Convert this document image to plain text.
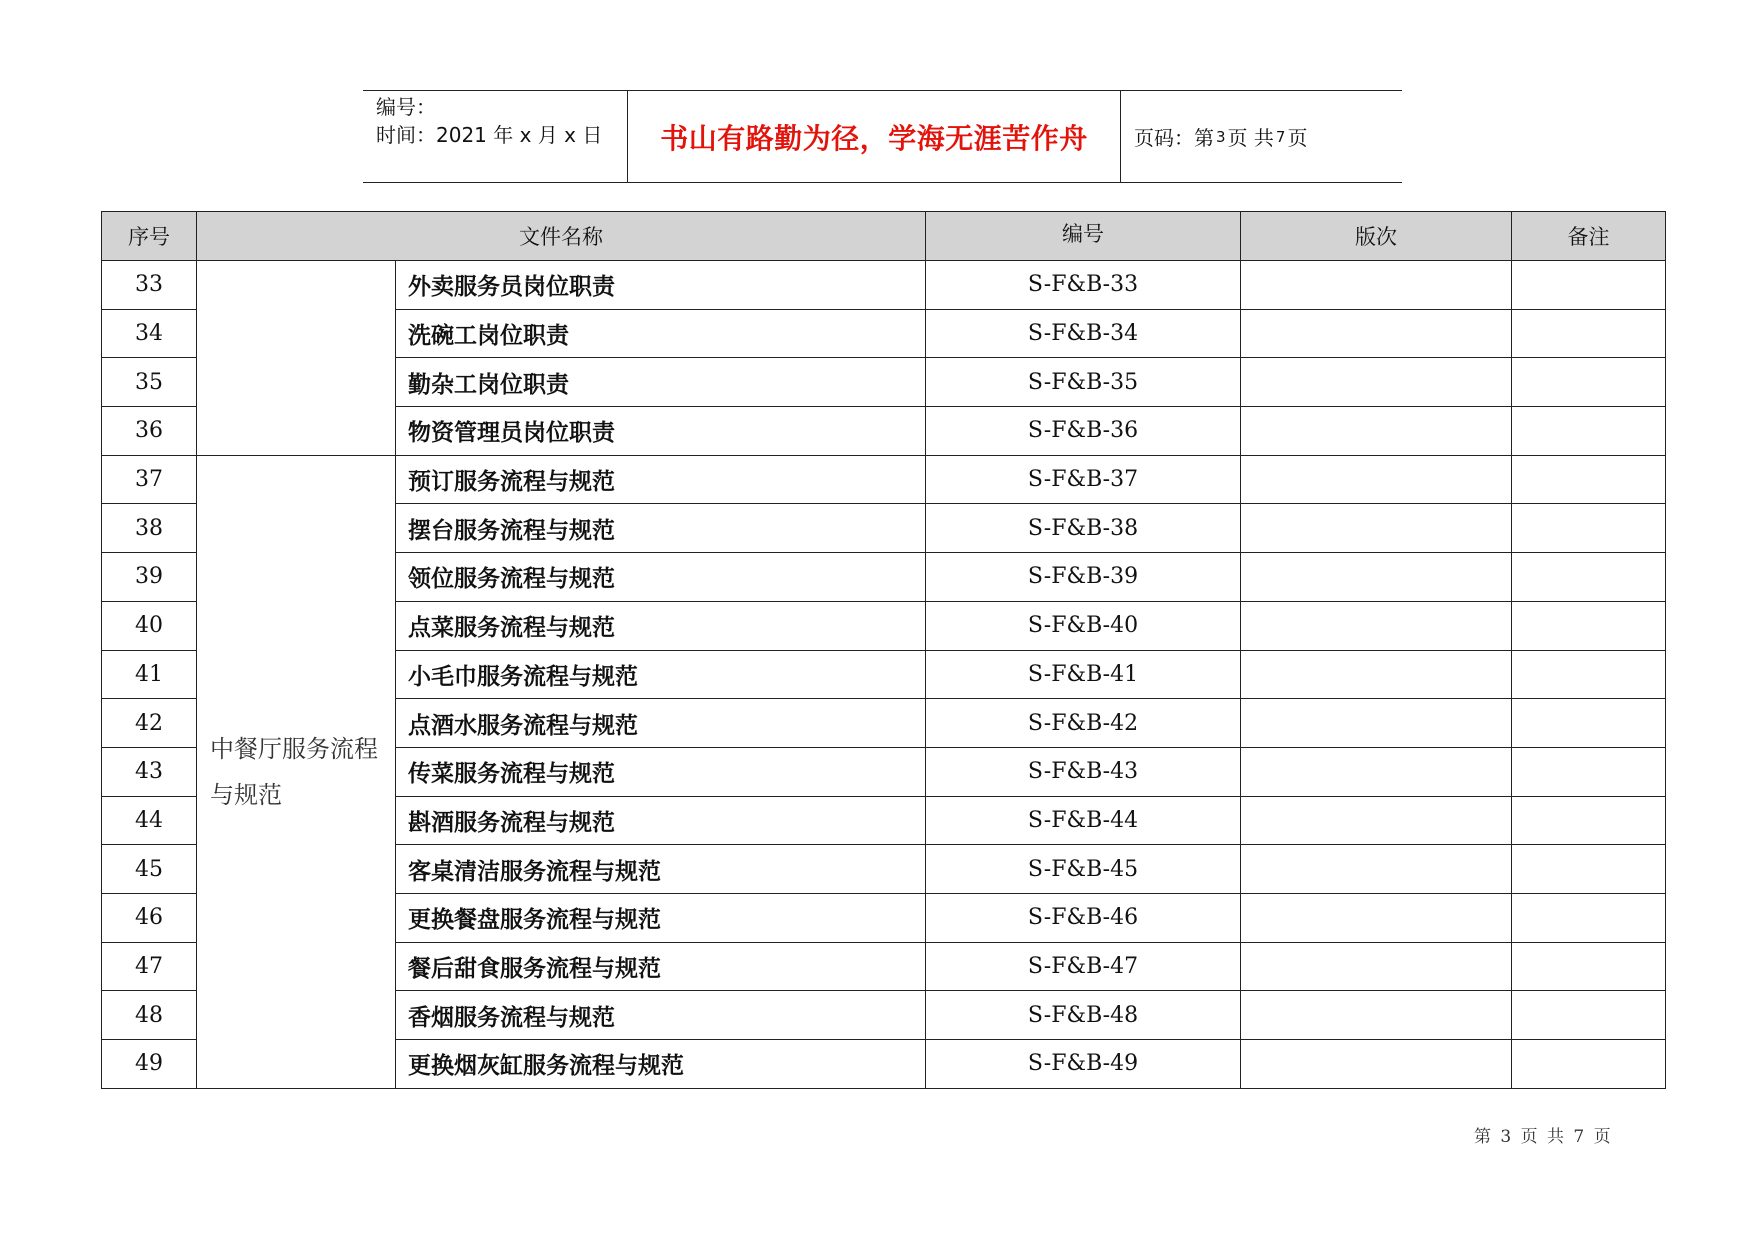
编号：
时间：2021 年 x 月 x 日	书山有路勤为径，学海无涯苦作舟 页码：第 3 页 共 7 页
序号	文件名称		编号	版次	备注
33		外卖服务员岗位职责	S-F&B-33		
34		洗碗工岗位职责	S-F&B-34		
35		勤杂工岗位职责	S-F&B-35		
36		物资管理员岗位职责	S-F&B-36		
37	中餐厅服务流程与规范	预订服务流程与规范	S-F&B-37		
38		摆台服务流程与规范	S-F&B-38		
39		领位服务流程与规范	S-F&B-39		
40		点菜服务流程与规范	S-F&B-40		
41		小毛巾服务流程与规范	S-F&B-41		
42		点酒水服务流程与规范	S-F&B-42		
43		传菜服务流程与规范	S-F&B-43		
44		斟酒服务流程与规范	S-F&B-44		
45		客桌清洁服务流程与规范	S-F&B-45		
46		更换餐盘服务流程与规范	S-F&B-46		
47		餐后甜食服务流程与规范	S-F&B-47		
48		香烟服务流程与规范	S-F&B-48		
49		更换烟灰缸服务流程与规范	S-F&B-49		
第 3 页 共 7 页
